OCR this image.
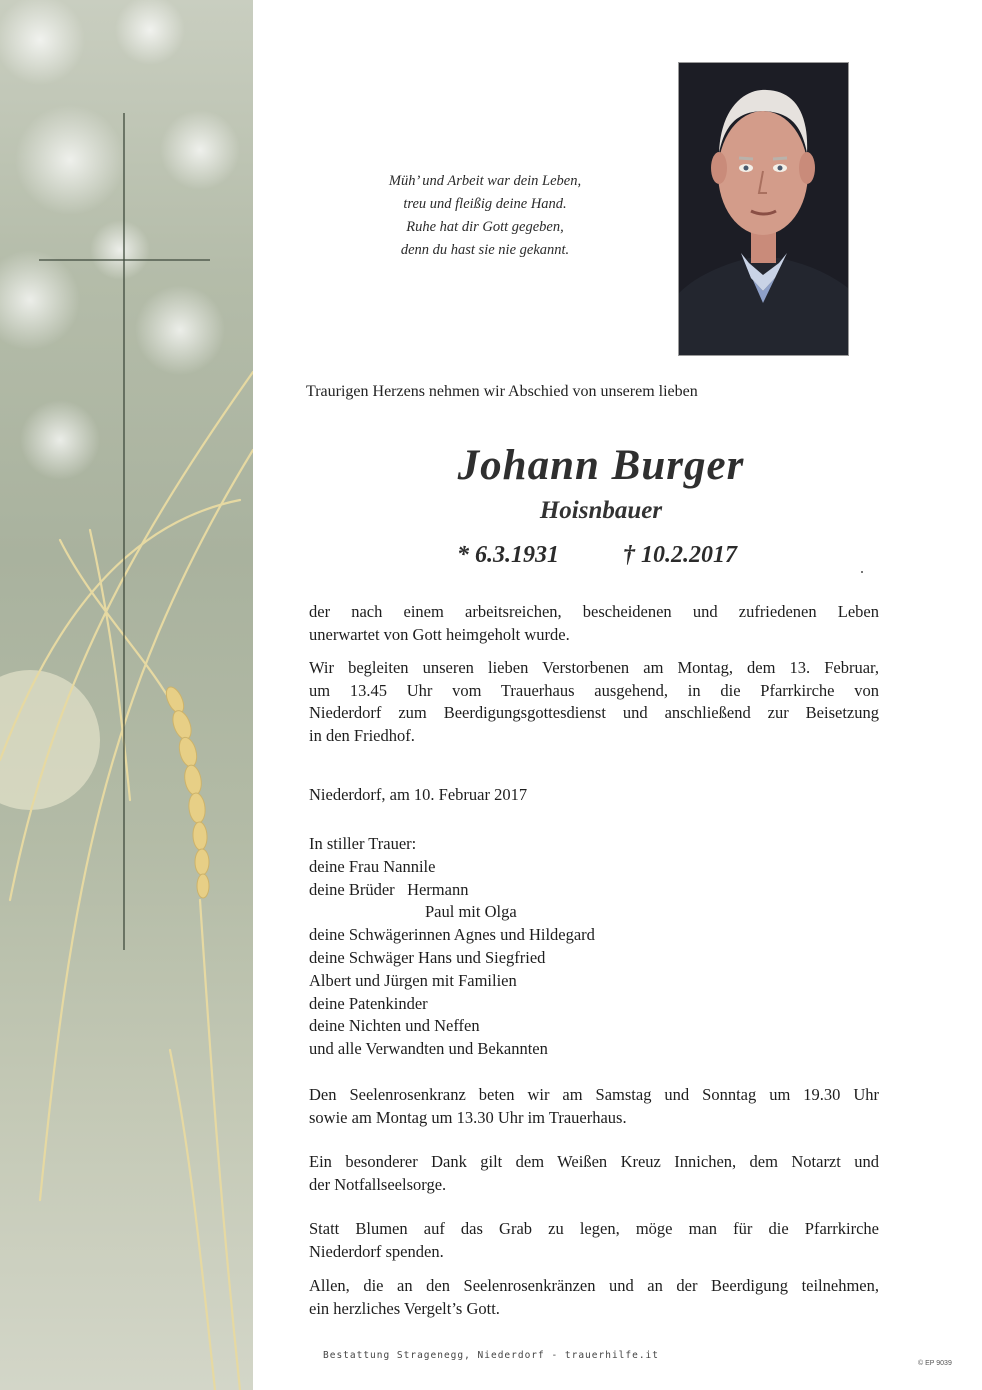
Müh’ und Arbeit war dein Leben,
treu und fleißig deine Hand.
Ruhe hat dir Gott gegeben,
denn du hast sie nie gekannt.
Traurigen Herzens nehmen wir Abschied von unserem lieben
Johann Burger
Hoisnbauer
* 6.3.1931	† 10.2.2017
der nach einem arbeitsreichen, bescheidenen und zufriedenen Leben
unerwartet von Gott heimgeholt wurde.
Wir begleiten unseren lieben Verstorbenen am Montag, dem 13. Februar,
um 13.45 Uhr vom Trauerhaus ausgehend, in die Pfarrkirche von
Niederdorf zum Beerdigungsgottesdienst und anschließend zur Beisetzung
in den Friedhof.
Niederdorf, am 10. Februar 2017
In stiller Trauer:
deine Frau Nannile
deine Brüder Hermann
Paul mit Olga
deine Schwägerinnen Agnes und Hildegard
deine Schwäger Hans und Siegfried
Albert und Jürgen mit Familien
deine Patenkinder
deine Nichten und Neffen
und alle Verwandten und Bekannten
Den Seelenrosenkranz beten wir am Samstag und Sonntag um 19.30 Uhr
sowie am Montag um 13.30 Uhr im Trauerhaus.
Ein besonderer Dank gilt dem Weißen Kreuz Innichen, dem Notarzt und
der Notfallseelsorge.
Statt Blumen auf das Grab zu legen, möge man für die Pfarrkirche
Niederdorf spenden.
Allen, die an den Seelenrosenkränzen und an der Beerdigung teilnehmen,
ein herzliches Vergelt’s Gott.
Bestattung Stragenegg, Niederdorf - trauerhilfe.it
© EP 9039
